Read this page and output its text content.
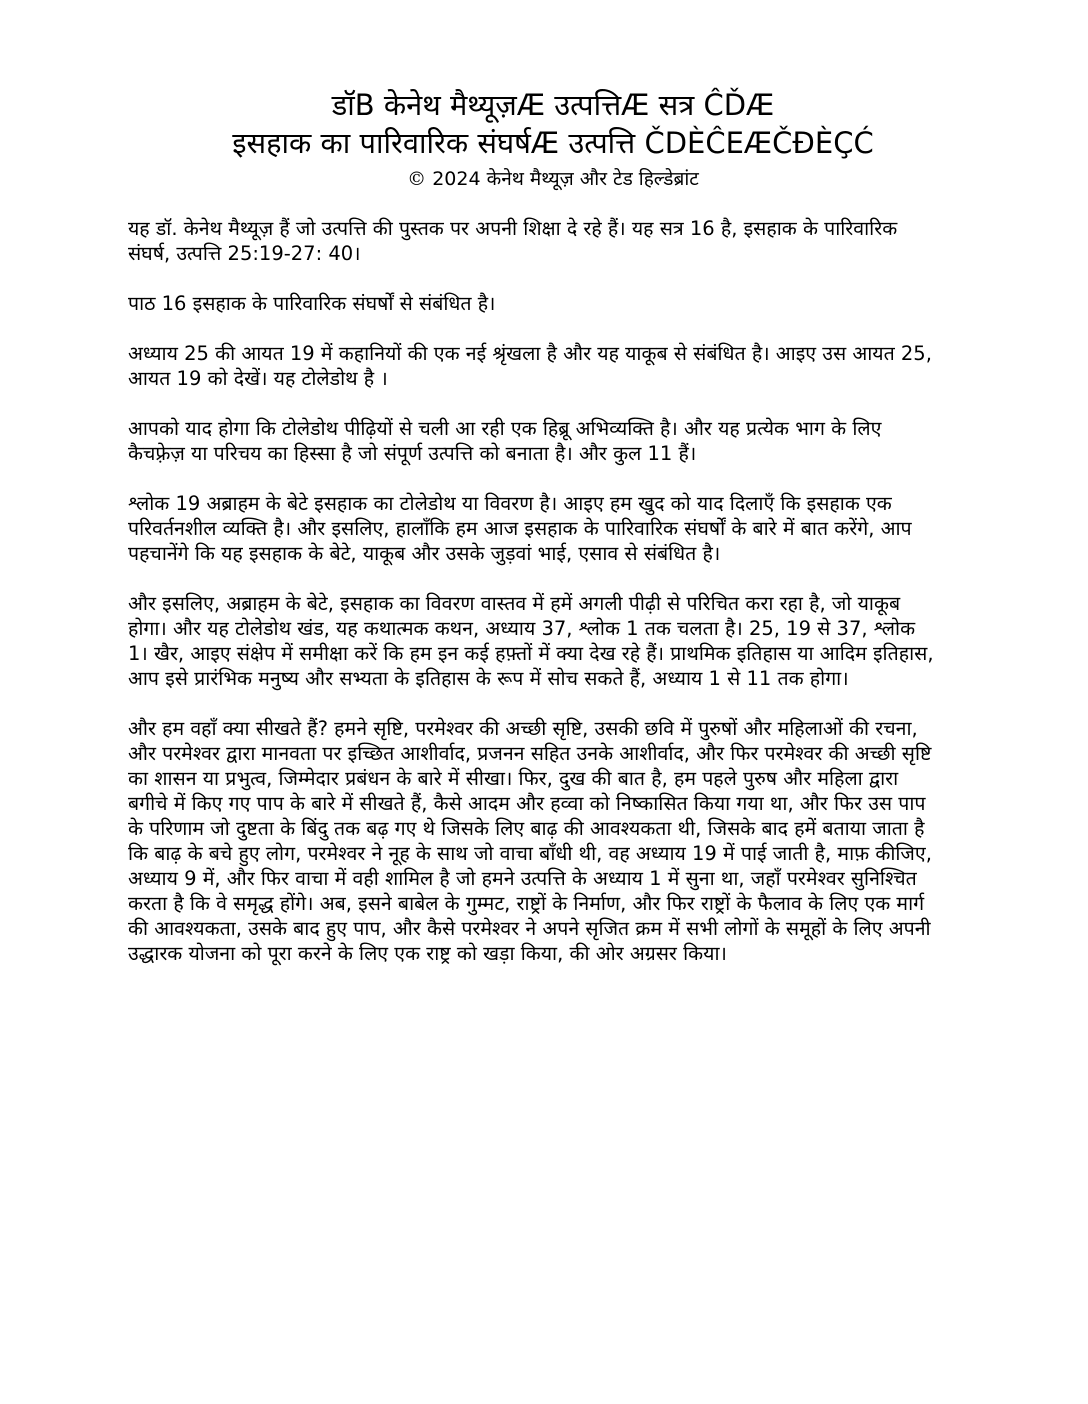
डॉB केनेथ मैथ्यूज़Æ उत्पत्तिÆ सत्र ĈĎÆ
इसहाक का पारिवारिक संघर्षÆ उत्पत्ति ČDÈĈEÆČĐÈÇĆ
© 2024 केनेथ मैथ्यूज़ और टेड हिल्डेब्रांट

यह डॉ. केनेथ मैथ्यूज़ हैं जो उत्पत्ति की पुस्तक पर अपनी शिक्षा दे रहे हैं। यह सत्र 16 है, इसहाक के पारिवारिक संघर्ष, उत्पत्ति 25:19-27: 40।

पाठ 16 इसहाक के पारिवारिक संघर्षों से संबंधित है।

अध्याय 25 की आयत 19 में कहानियों की एक नई श्रृंखला है और यह याकूब से संबंधित है। आइए उस आयत 25, आयत 19 को देखें। यह टोलेडोथ है ।

आपको याद होगा कि टोलेडोथ पीढ़ियों से चली आ रही एक हिब्रू अभिव्यक्ति है। और यह प्रत्येक भाग के लिए कैचफ़्रेज़ या परिचय का हिस्सा है जो संपूर्ण उत्पत्ति को बनाता है। और कुल 11 हैं।

श्लोक 19 अब्राहम के बेटे इसहाक का टोलेडोथ या विवरण है। आइए हम खुद को याद दिलाएँ कि इसहाक एक परिवर्तनशील व्यक्ति है। और इसलिए, हालाँकि हम आज इसहाक के पारिवारिक संघर्षों के बारे में बात करेंगे, आप पहचानेंगे कि यह इसहाक के बेटे, याकूब और उसके जुड़वां भाई, एसाव से संबंधित है।

और इसलिए, अब्राहम के बेटे, इसहाक का विवरण वास्तव में हमें अगली पीढ़ी से परिचित करा रहा है, जो याकूब होगा। और यह टोलेडोथ खंड, यह कथात्मक कथन, अध्याय 37, श्लोक 1 तक चलता है। 25, 19 से 37, श्लोक 1। खैर, आइए संक्षेप में समीक्षा करें कि हम इन कई हफ़्तों में क्या देख रहे हैं। प्राथमिक इतिहास या आदिम इतिहास, आप इसे प्रारंभिक मनुष्य और सभ्यता के इतिहास के रूप में सोच सकते हैं, अध्याय 1 से 11 तक होगा।

और हम वहाँ क्या सीखते हैं? हमने सृष्टि, परमेश्वर की अच्छी सृष्टि, उसकी छवि में पुरुषों और महिलाओं की रचना, और परमेश्वर द्वारा मानवता पर इच्छित आशीर्वाद, प्रजनन सहित उनके आशीर्वाद, और फिर परमेश्वर की अच्छी सृष्टि का शासन या प्रभुत्व, जिम्मेदार प्रबंधन के बारे में सीखा। फिर, दुख की बात है, हम पहले पुरुष और महिला द्वारा बगीचे में किए गए पाप के बारे में सीखते हैं, कैसे आदम और हव्वा को निष्कासित किया गया था, और फिर उस पाप के परिणाम जो दुष्टता के बिंदु तक बढ़ गए थे जिसके लिए बाढ़ की आवश्यकता थी, जिसके बाद हमें बताया जाता है कि बाढ़ के बचे हुए लोग, परमेश्वर ने नूह के साथ जो वाचा बाँधी थी, वह अध्याय 19 में पाई जाती है, माफ़ कीजिए, अध्याय 9 में, और फिर वाचा में वही शामिल है जो हमने उत्पत्ति के अध्याय 1 में सुना था, जहाँ परमेश्वर सुनिश्चित करता है कि वे समृद्ध होंगे। अब, इसने बाबेल के गुम्मट, राष्ट्रों के निर्माण, और फिर राष्ट्रों के फैलाव के लिए एक मार्ग की आवश्यकता, उसके बाद हुए पाप, और कैसे परमेश्वर ने अपने सृजित क्रम में सभी लोगों के समूहों के लिए अपनी उद्धारक योजना को पूरा करने के लिए एक राष्ट्र को खड़ा किया, की ओर अग्रसर किया।
